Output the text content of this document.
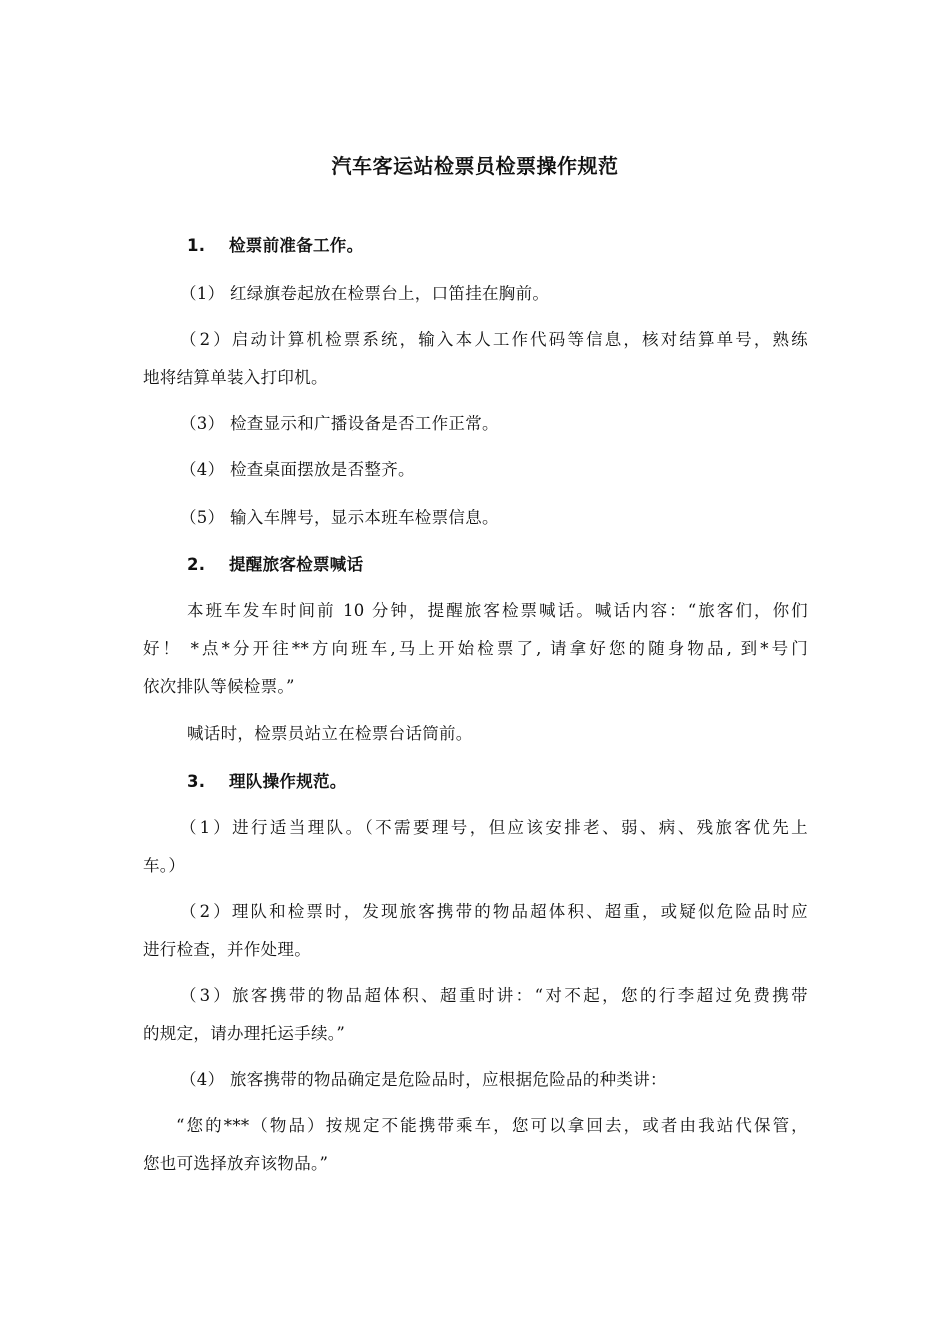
汽车客运站检票员检票操作规范
1. 检票前准备工作。
（1） 红绿旗卷起放在检票台上，口笛挂在胸前。
（2）启动计算机检票系统，输入本人工作代码等信息，核对结算单号，熟练
地将结算单装入打印机。
（3） 检查显示和广播设备是否工作正常。
（4） 检查桌面摆放是否整齐。
（5） 输入车牌号，显示本班车检票信息。
2. 提醒旅客检票喊话
本班车发车时间前 10 分钟，提醒旅客检票喊话。喊话内容：“旅客们，你们
好！ *点*分开往**方向班车,马上开始检票了, 请拿好您的随身物品, 到*号门
依次排队等候检票。”
喊话时，检票员站立在检票台话筒前。
3. 理队操作规范。
（1）进行适当理队。（不需要理号，但应该安排老、弱、病、残旅客优先上
车。）
（2）理队和检票时，发现旅客携带的物品超体积、超重，或疑似危险品时应
进行检查，并作处理。
（3）旅客携带的物品超体积、超重时讲：“对不起，您的行李超过免费携带
的规定，请办理托运手续。”
（4） 旅客携带的物品确定是危险品时，应根据危险品的种类讲：
“您的***（物品）按规定不能携带乘车，您可以拿回去，或者由我站代保管，
您也可选择放弃该物品。”
